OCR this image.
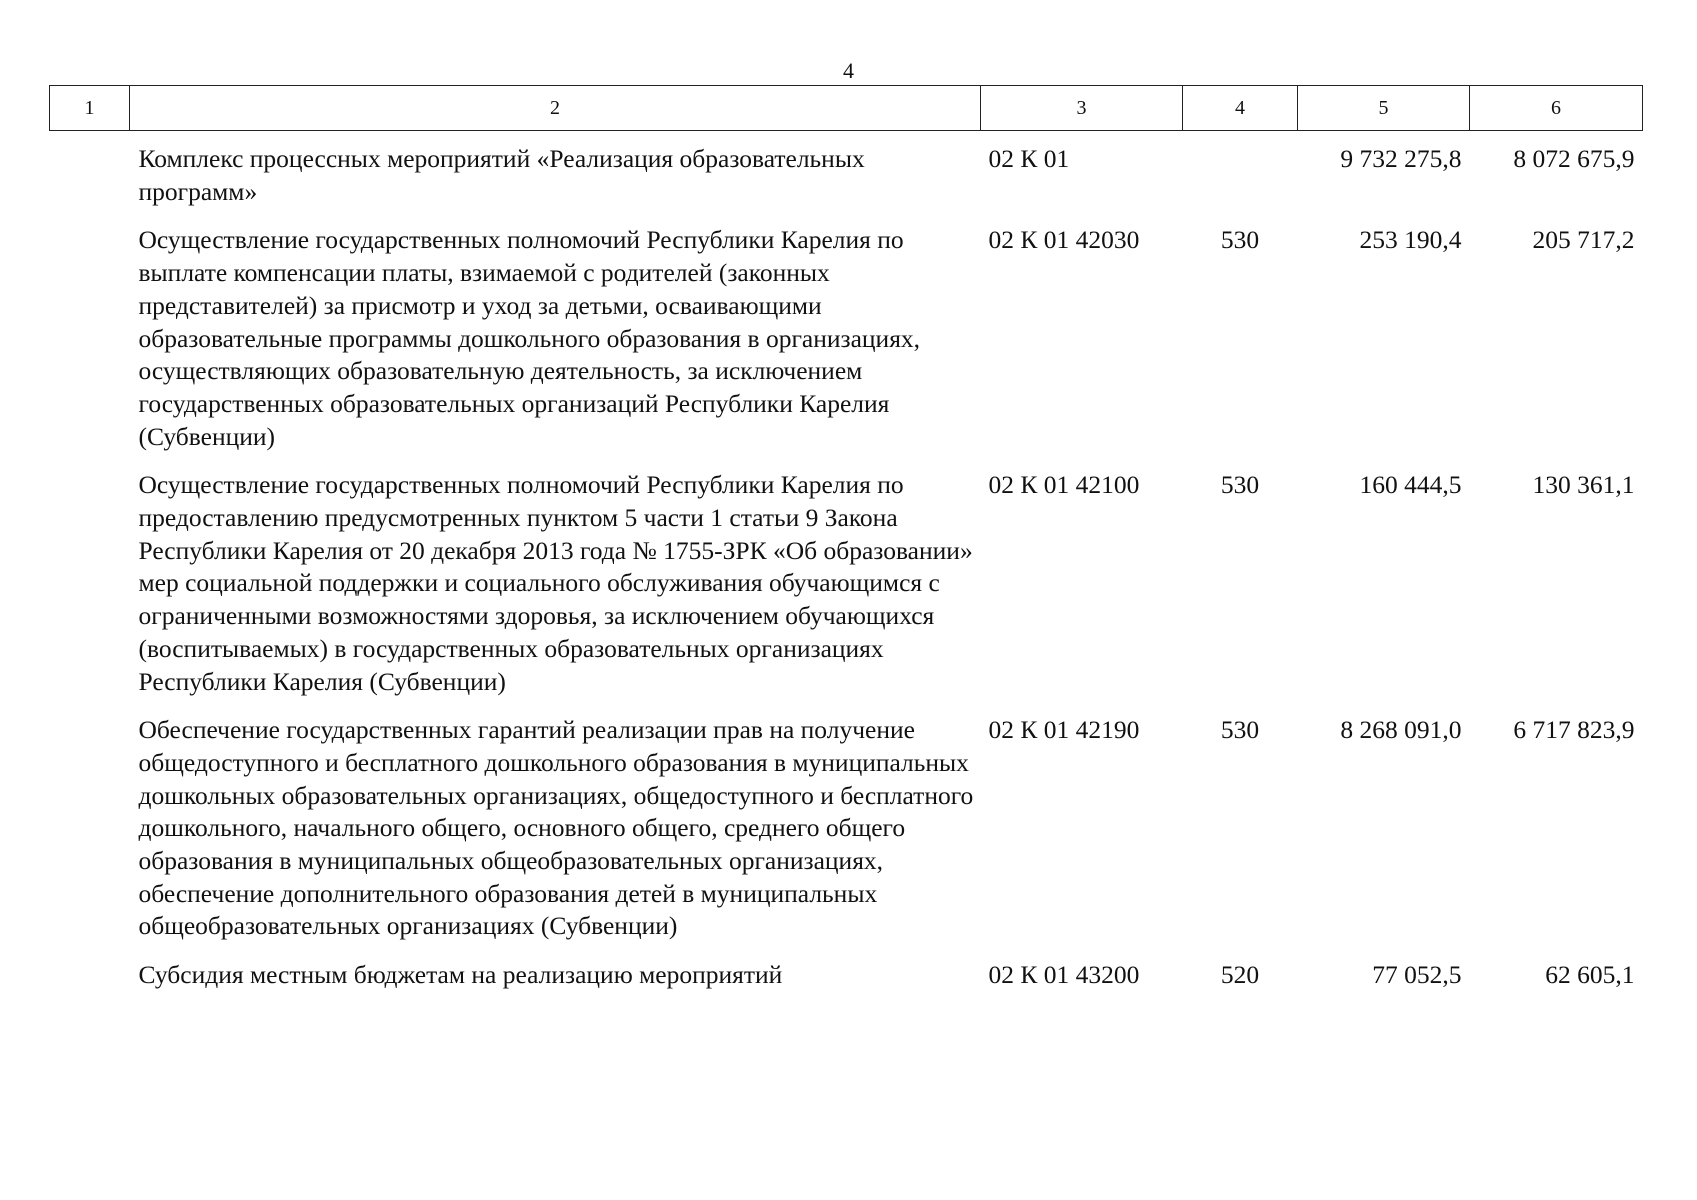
4
1	2	3	4	5	6
	Комплекс процессных мероприятий «Реализация образовательных программ»	02 К 01		9 732 275,8	8 072 675,9
	Осуществление государственных полномочий Республики Карелия по выплате компенсации платы, взимаемой с родителей (законных представителей) за присмотр и уход за детьми, осваивающими образовательные программы дошкольного образования в организациях, осуществляющих образовательную деятельность, за исключением государственных образовательных организаций Республики Карелия (Субвенции)	02 К 01 42030	530	253 190,4	205 717,2
	Осуществление государственных полномочий Республики Карелия по предоставлению предусмотренных пунктом 5 части 1 статьи 9 Закона Республики Карелия от 20 декабря 2013 года № 1755-ЗРК «Об образовании» мер социальной поддержки и социального обслуживания обучающимся с ограниченными возможностями здоровья, за исключением обучающихся (воспитываемых) в государственных образовательных организациях Республики Карелия (Субвенции)	02 К 01 42100	530	160 444,5	130 361,1
	Обеспечение государственных гарантий реализации прав на получение общедоступного и бесплатного дошкольного образования в муниципальных дошкольных образовательных организациях, общедоступного и бесплатного дошкольного, начального общего, основного общего, среднего общего образования в муниципальных общеобразовательных организациях, обеспечение дополнительного образования детей в муниципальных общеобразовательных организациях (Субвенции)	02 К 01 42190	530	8 268 091,0	6 717 823,9
	Субсидия местным бюджетам на реализацию мероприятий	02 К 01 43200	520	77 052,5	62 605,1
